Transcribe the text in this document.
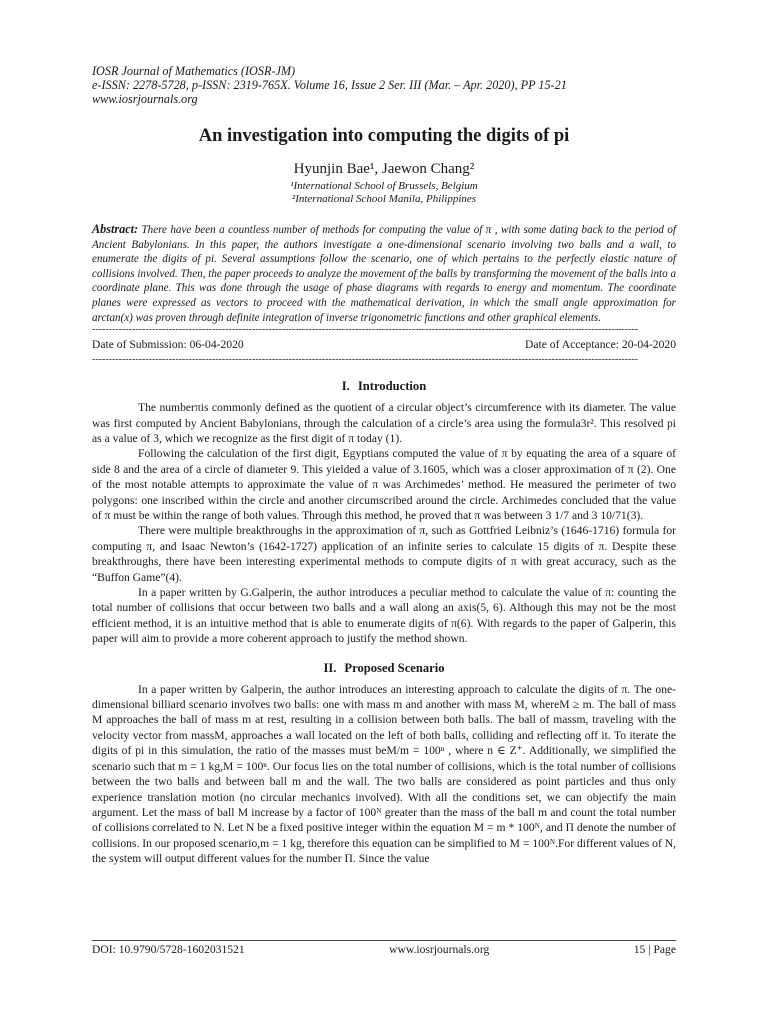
IOSR Journal of Mathematics (IOSR-JM)
e-ISSN: 2278-5728, p-ISSN: 2319-765X. Volume 16, Issue 2 Ser. III (Mar. – Apr. 2020), PP 15-21
www.iosrjournals.org
An investigation into computing the digits of pi
Hyunjin Bae¹, Jaewon Chang²
¹International School of Brussels, Belgium
²International School Manila, Philippines
Abstract: There have been a countless number of methods for computing the value of π , with some dating back to the period of Ancient Babylonians. In this paper, the authors investigate a one-dimensional scenario involving two balls and a wall, to enumerate the digits of pi. Several assumptions follow the scenario, one of which pertains to the perfectly elastic nature of collisions involved. Then, the paper proceeds to analyze the movement of the balls by transforming the movement of the balls into a coordinate plane. This was done through the usage of phase diagrams with regards to energy and momentum. The coordinate planes were expressed as vectors to proceed with the mathematical derivation, in which the small angle approximation for arctan(x) was proven through definite integration of inverse trigonometric functions and other graphical elements.
--------------------------------------------------------------------------------------------------------------------------------------------------------------------
Date of Submission: 06-04-2020	Date of Acceptance: 20-04-2020
--------------------------------------------------------------------------------------------------------------------------------------------------------------------
I. Introduction

The numberπis commonly defined as the quotient of a circular object’s circumference with its diameter. The value was first computed by Ancient Babylonians, through the calculation of a circle’s area using the formula3r². This resolved pi as a value of 3, which we recognize as the first digit of π today (1).

Following the calculation of the first digit, Egyptians computed the value of π by equating the area of a square of side 8 and the area of a circle of diameter 9. This yielded a value of 3.1605, which was a closer approximation of π (2). One of the most notable attempts to approximate the value of π was Archimedes’ method. He measured the perimeter of two polygons: one inscribed within the circle and another circumscribed around the circle. Archimedes concluded that the value of π must be within the range of both values. Through this method, he proved that π was between 3 1/7 and 3 10/71(3).

There were multiple breakthroughs in the approximation of π, such as Gottfried Leibniz’s (1646-1716) formula for computing π, and Isaac Newton’s (1642-1727) application of an infinite series to calculate 15 digits of π. Despite these breakthroughs, there have been interesting experimental methods to compute digits of π with great accuracy, such as the “Buffon Game”(4).

In a paper written by G.Galperin, the author introduces a peculiar method to calculate the value of π: counting the total number of collisions that occur between two balls and a wall along an axis(5, 6). Although this may not be the most efficient method, it is an intuitive method that is able to enumerate digits of π(6). With regards to the paper of Galperin, this paper will aim to provide a more coherent approach to justify the method shown.

II. Proposed Scenario

In a paper written by Galperin, the author introduces an interesting approach to calculate the digits of π. The one-dimensional billiard scenario involves two balls: one with mass m and another with mass M, whereM ≥ m. The ball of mass M approaches the ball of mass m at rest, resulting in a collision between both balls. The ball of massm, traveling with the velocity vector from massM, approaches a wall located on the left of both balls, colliding and reflecting off it. To iterate the digits of pi in this simulation, the ratio of the masses must beM/m = 100ⁿ , where n ∈ Z⁺. Additionally, we simplified the scenario such that m = 1 kg,M = 100ⁿ. Our focus lies on the total number of collisions, which is the total number of collisions between the two balls and between ball m and the wall. The two balls are considered as point particles and thus only experience translation motion (no circular mechanics involved). With all the conditions set, we can objectify the main argument. Let the mass of ball M increase by a factor of 100ᴺ greater than the mass of the ball m and count the total number of collisions correlated to N. Let N be a fixed positive integer within the equation M = m * 100ᴺ, and Π denote the number of collisions. In our proposed scenario,m = 1 kg, therefore this equation can be simplified to M = 100ᴺ.For different values of N, the system will output different values for the number Π. Since the value

DOI: 10.9790/5728-1602031521	www.iosrjournals.org	15 | Page
